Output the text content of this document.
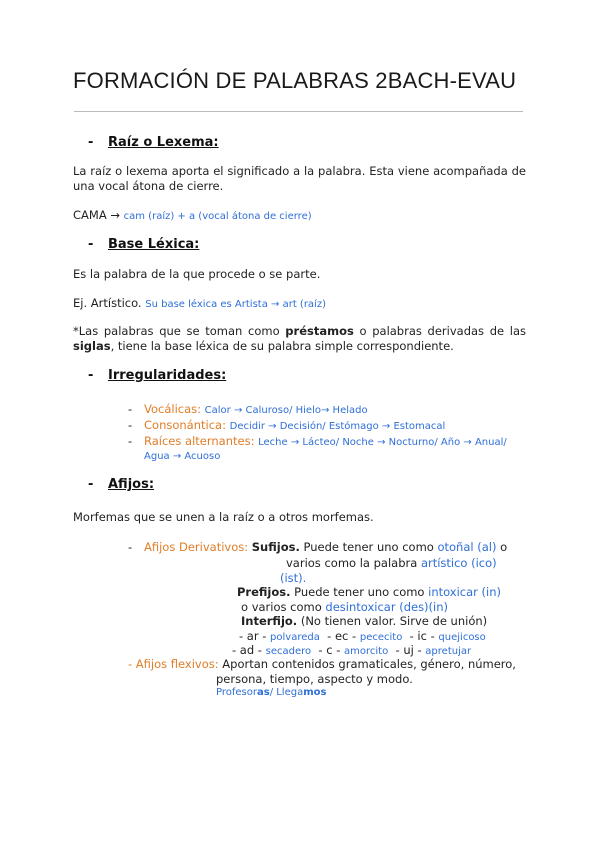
FORMACIÓN DE PALABRAS 2BACH-EVAU
- Raíz o Lexema:
La raíz o lexema aporta el significado a la palabra. Esta viene acompañada de una vocal átona de cierre.
CAMA → cam (raíz) + a (vocal átona de cierre)
- Base Léxica:
Es la palabra de la que procede o se parte.
Ej. Artístico. Su base léxica es Artista → art (raíz)
*Las palabras que se toman como préstamos o palabras derivadas de las siglas, tiene la base léxica de su palabra simple correspondiente.
- Irregularidades:
- Vocálicas: Calor → Caluroso/ Hielo→ Helado
- Consonántica: Decidir → Decisión/ Estómago → Estomacal
- Raíces alternantes: Leche → Lácteo/ Noche → Nocturno/ Año → Anual/
Agua → Acuoso
- Afijos:
Morfemas que se unen a la raíz o a otros morfemas.
- Afijos Derivativos: Sufijos. Puede tener uno como otoñal (al) o
varios como la palabra artístico (ico)
(ist).
Prefijos. Puede tener uno como intoxicar (in)
o varios como desintoxicar (des)(in)
Interfijo. (No tienen valor. Sirve de unión)
- ar - polvareda  - ec - pececito  - ic - quejicoso
- ad - secadero  - c - amorcito  - uj - apretujar
- Afijos flexivos: Aportan contenidos gramaticales, género, número,
persona, tiempo, aspecto y modo.
Profesoras/ Llegamos
